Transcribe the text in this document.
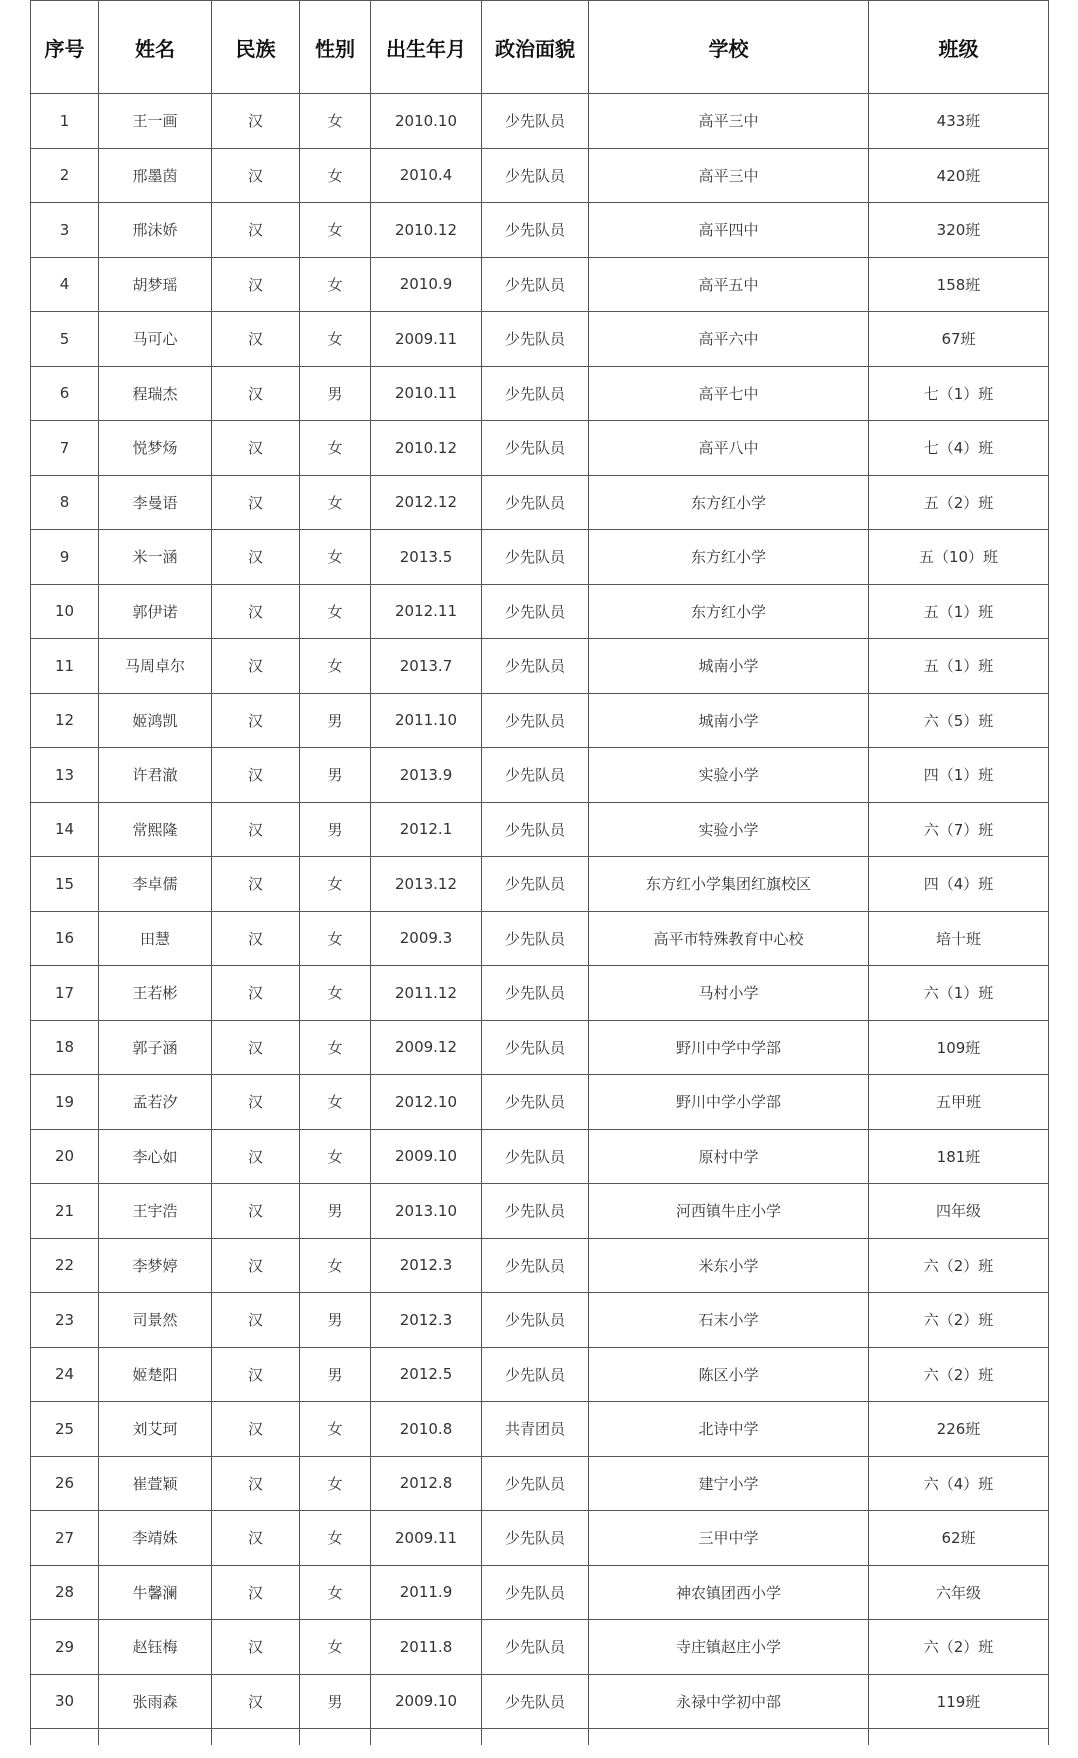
序号	姓名	民族	性别	出生年月	政治面貌	学校	班级
1	王一画	汉	女	2010.10	少先队员	高平三中	433班
2	邢墨茵	汉	女	2010.4	少先队员	高平三中	420班
3	邢沫娇	汉	女	2010.12	少先队员	高平四中	320班
4	胡梦瑶	汉	女	2010.9	少先队员	高平五中	158班
5	马可心	汉	女	2009.11	少先队员	高平六中	67班
6	程瑞杰	汉	男	2010.11	少先队员	高平七中	七（1）班
7	悦梦炀	汉	女	2010.12	少先队员	高平八中	七（4）班
8	李曼语	汉	女	2012.12	少先队员	东方红小学	五（2）班
9	米一涵	汉	女	2013.5	少先队员	东方红小学	五（10）班
10	郭伊诺	汉	女	2012.11	少先队员	东方红小学	五（1）班
11	马周卓尔	汉	女	2013.7	少先队员	城南小学	五（1）班
12	姬鸿凯	汉	男	2011.10	少先队员	城南小学	六（5）班
13	许君澈	汉	男	2013.9	少先队员	实验小学	四（1）班
14	常熙隆	汉	男	2012.1	少先队员	实验小学	六（7）班
15	李卓儒	汉	女	2013.12	少先队员	东方红小学集团红旗校区	四（4）班
16	田慧	汉	女	2009.3	少先队员	高平市特殊教育中心校	培十班
17	王若彬	汉	女	2011.12	少先队员	马村小学	六（1）班
18	郭子涵	汉	女	2009.12	少先队员	野川中学中学部	109班
19	孟若汐	汉	女	2012.10	少先队员	野川中学小学部	五甲班
20	李心如	汉	女	2009.10	少先队员	原村中学	181班
21	王宇浩	汉	男	2013.10	少先队员	河西镇牛庄小学	四年级
22	李梦婷	汉	女	2012.3	少先队员	米东小学	六（2）班
23	司景然	汉	男	2012.3	少先队员	石末小学	六（2）班
24	姬楚阳	汉	男	2012.5	少先队员	陈区小学	六（2）班
25	刘艾珂	汉	女	2010.8	共青团员	北诗中学	226班
26	崔萱颖	汉	女	2012.8	少先队员	建宁小学	六（4）班
27	李靖姝	汉	女	2009.11	少先队员	三甲中学	62班
28	牛馨澜	汉	女	2011.9	少先队员	神农镇团西小学	六年级
29	赵钰梅	汉	女	2011.8	少先队员	寺庄镇赵庄小学	六（2）班
30	张雨森	汉	男	2009.10	少先队员	永禄中学初中部	119班
